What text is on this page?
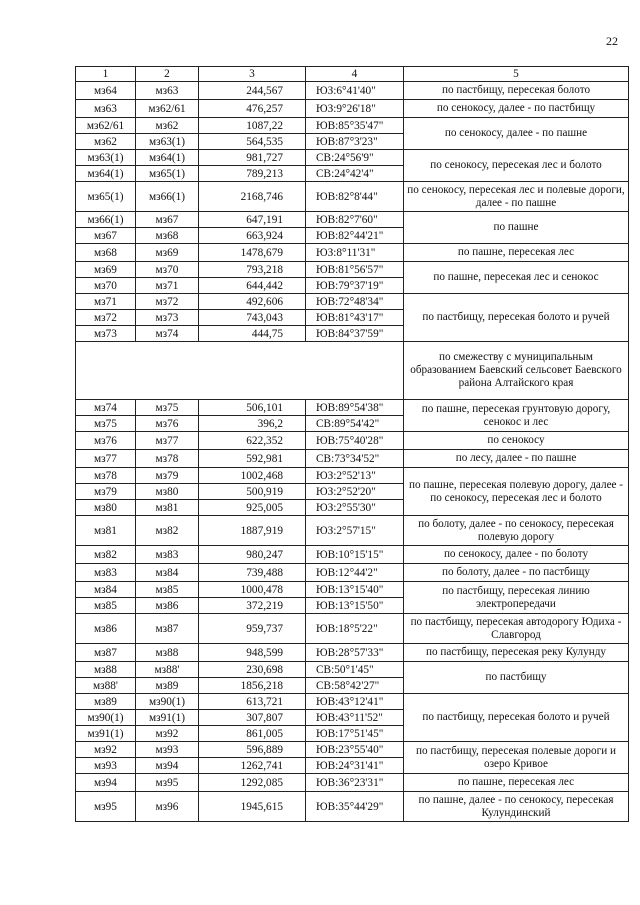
22
1	2	3	4	5
мз64	мз63	244,567	ЮЗ:6°41'40"	по пастбищу, пересекая болото
мз63	мз62/61	476,257	ЮЗ:9°26'18"	по сенокосу, далее - по пастбищу
мз62/61	мз62	1087,22	ЮВ:85°35'47"	по сенокосу, далее - по пашне
мз62	мз63(1)	564,535	ЮВ:87°3'23"	
мз63(1)	мз64(1)	981,727	СВ:24°56'9"	по сенокосу, пересекая лес и болото
мз64(1)	мз65(1)	789,213	СВ:24°42'4"	
мз65(1)	мз66(1)	2168,746	ЮВ:82°8'44"	по сенокосу, пересекая лес и полевые дороги, далее - по пашне
мз66(1)	мз67	647,191	ЮВ:82°7'60"	по пашне
мз67	мз68	663,924	ЮВ:82°44'21"	
мз68	мз69	1478,679	ЮЗ:8°11'31"	по пашне, пересекая лес
мз69	мз70	793,218	ЮВ:81°56'57"	по пашне, пересекая лес и сенокос
мз70	мз71	644,442	ЮВ:79°37'19"	
мз71	мз72	492,606	ЮВ:72°48'34"	по пастбищу, пересекая болото и ручей
мз72	мз73	743,043	ЮВ:81°43'17"	
мз73	мз74	444,75	ЮВ:84°37'59"	
				по смежеству с муниципальным образованием Баевский сельсовет Баевского района Алтайского края
мз74	мз75	506,101	ЮВ:89°54'38"	по пашне, пересекая грунтовую дорогу, сенокос и лес
мз75	мз76	396,2	СВ:89°54'42"	
мз76	мз77	622,352	ЮВ:75°40'28"	по сенокосу
мз77	мз78	592,981	СВ:73°34'52"	по лесу, далее - по пашне
мз78	мз79	1002,468	ЮЗ:2°52'13"	по пашне, пересекая полевую дорогу, далее - по сенокосу, пересекая лес и болото
мз79	мз80	500,919	ЮЗ:2°52'20"	
мз80	мз81	925,005	ЮЗ:2°55'30"	
мз81	мз82	1887,919	ЮЗ:2°57'15"	по болоту, далее - по сенокосу, пересекая полевую дорогу
мз82	мз83	980,247	ЮВ:10°15'15"	по сенокосу, далее - по болоту
мз83	мз84	739,488	ЮВ:12°44'2"	по болоту, далее - по пастбищу
мз84	мз85	1000,478	ЮВ:13°15'40"	по пастбищу, пересекая линию электропередачи
мз85	мз86	372,219	ЮВ:13°15'50"	
мз86	мз87	959,737	ЮВ:18°5'22"	по пастбищу, пересекая автодорогу Юдиха - Славгород
мз87	мз88	948,599	ЮВ:28°57'33"	по пастбищу, пересекая реку Кулунду
мз88	мз88'	230,698	СВ:50°1'45"	по пастбищу
мз88'	мз89	1856,218	СВ:58°42'27"	
мз89	мз90(1)	613,721	ЮВ:43°12'41"	по пастбищу, пересекая болото и ручей
мз90(1)	мз91(1)	307,807	ЮВ:43°11'52"	
мз91(1)	мз92	861,005	ЮВ:17°51'45"	
мз92	мз93	596,889	ЮВ:23°55'40"	по пастбищу, пересекая полевые дороги и озеро Кривое
мз93	мз94	1262,741	ЮВ:24°31'41"	
мз94	мз95	1292,085	ЮВ:36°23'31"	по пашне, пересекая лес
мз95	мз96	1945,615	ЮВ:35°44'29"	по пашне, далее - по сенокосу, пересекая Кулундинский
